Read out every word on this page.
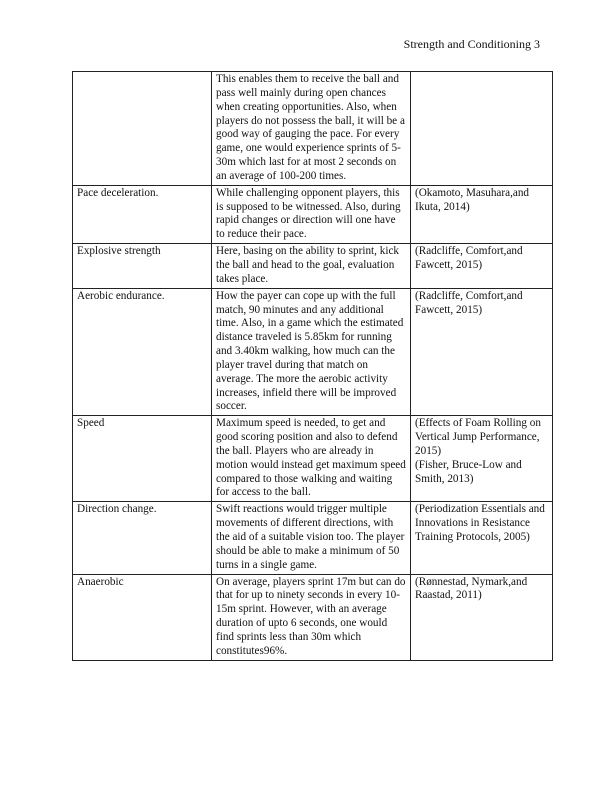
Strength and Conditioning 3
	This enables them to receive the ball and pass well mainly during open chances when creating opportunities. Also, when players do not possess the ball, it will be a good way of gauging the pace. For every game, one would experience sprints of 5-30m which last for at most 2 seconds on an average of 100-200 times.	
Pace deceleration.	While challenging opponent players, this is supposed to be witnessed. Also, during rapid changes or direction will one have to reduce their pace.	(Okamoto, Masuhara,and Ikuta, 2014)
Explosive strength	Here, basing on the ability to sprint, kick the ball and head to the goal, evaluation takes place.	(Radcliffe, Comfort,and Fawcett, 2015)
Aerobic endurance.	How the payer can cope up with the full match, 90 minutes and any additional time. Also, in a game which the estimated distance traveled is 5.85km for running and 3.40km walking, how much can the player travel during that match on average. The more the aerobic activity increases, infield there will be improved soccer.	(Radcliffe, Comfort,and Fawcett, 2015)
Speed	Maximum speed is needed, to get and good scoring position and also to defend the ball. Players who are already in motion would instead get maximum speed compared to those walking and waiting for access to the ball.	(Effects of Foam Rolling on Vertical Jump Performance, 2015)
(Fisher, Bruce-Low and Smith, 2013)

Direction change.	Swift reactions would trigger multiple movements of different directions, with the aid of a suitable vision too. The player should be able to make a minimum of 50 turns in a single game.	(Periodization Essentials and Innovations in Resistance Training Protocols, 2005)
Anaerobic	On average, players sprint 17m but can do that for up to ninety seconds in every 10-15m sprint. However, with an average duration of upto 6 seconds, one would find sprints less than 30m which constitutes96%.	(Rønnestad, Nymark,and Raastad, 2011)
